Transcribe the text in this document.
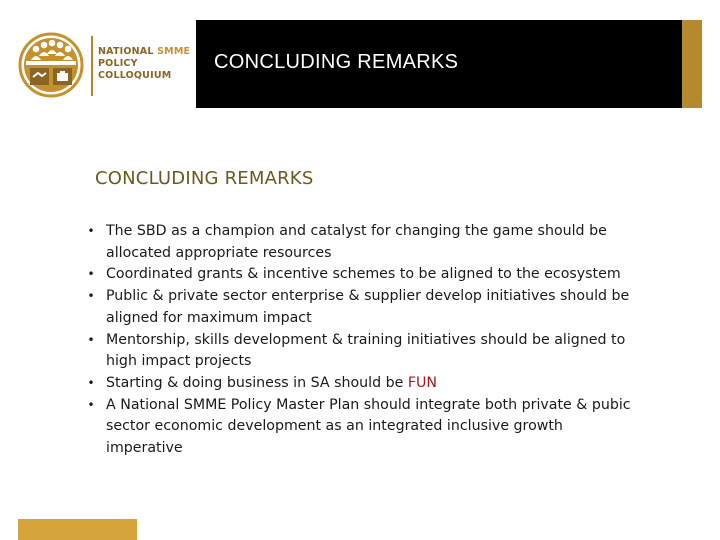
NATIONAL SMME
POLICY
COLLOQUIUM
CONCLUDING REMARKS
CONCLUDING REMARKS
• The SBD as a champion and catalyst for changing the game should be allocated appropriate resources
• Coordinated grants & incentive schemes to be aligned to the ecosystem
• Public & private sector enterprise & supplier develop initiatives should be aligned for maximum impact
• Mentorship, skills development & training initiatives should be aligned to high impact projects
• Starting & doing business in SA should be FUN
• A National SMME Policy Master Plan should integrate both private & pubic sector economic development as an integrated inclusive growth imperative
